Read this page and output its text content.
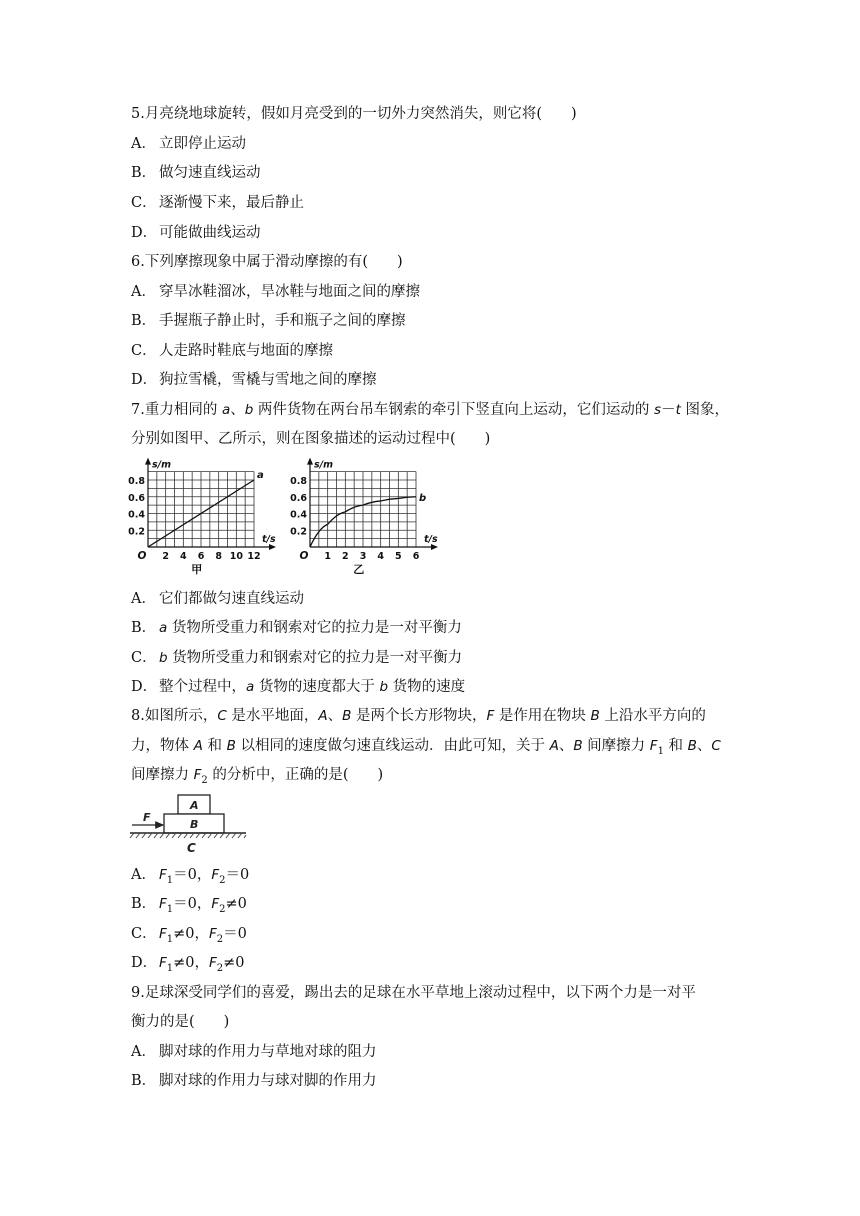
5.月亮绕地球旋转，假如月亮受到的一切外力突然消失，则它将(　　)
A． 立即停止运动
B． 做匀速直线运动
C． 逐渐慢下来，最后静止
D． 可能做曲线运动
6.下列摩擦现象中属于滑动摩擦的有(　　)
A． 穿旱冰鞋溜冰，旱冰鞋与地面之间的摩擦
B． 手握瓶子静止时，手和瓶子之间的摩擦
C． 人走路时鞋底与地面的摩擦
D． 狗拉雪橇，雪橇与雪地之间的摩擦
7.重力相同的 a、b 两件货物在两台吊车钢索的牵引下竖直向上运动，它们运动的 s－t 图象，
分别如图甲、乙所示，则在图象描述的运动过程中(　　)
a
0.2
0.4
0.6
0.8
O 2 4 6 8 10 12
s/m
t/s
甲
b
0.2
0.4
0.6
0.8
O 1 2 3 4 5 6
s/m
t/s
乙
A． 它们都做匀速直线运动
B． a 货物所受重力和钢索对它的拉力是一对平衡力
C． b 货物所受重力和钢索对它的拉力是一对平衡力
D． 整个过程中，a 货物的速度都大于 b 货物的速度
8.如图所示，C 是水平地面，A、B 是两个长方形物块，F 是作用在物块 B 上沿水平方向的
力，物体 A 和 B 以相同的速度做匀速直线运动．由此可知，关于 A、B 间摩擦力 $F_1$ 和 B、C
间摩擦力 $F_2$ 的分析中，正确的是(　　)
F
A
B
C
A． $F_1=0$，$F_2=0$
B． $F_1=0$，$F_2\ne 0$
C． $F_1\ne 0$，$F_2=0$
D． $F_1\ne 0$，$F_2\ne 0$
9.足球深受同学们的喜爱，踢出去的足球在水平草地上滚动过程中，以下两个力是一对平
衡力的是(　　)
A． 脚对球的作用力与草地对球的阻力
B． 脚对球的作用力与球对脚的作用力
